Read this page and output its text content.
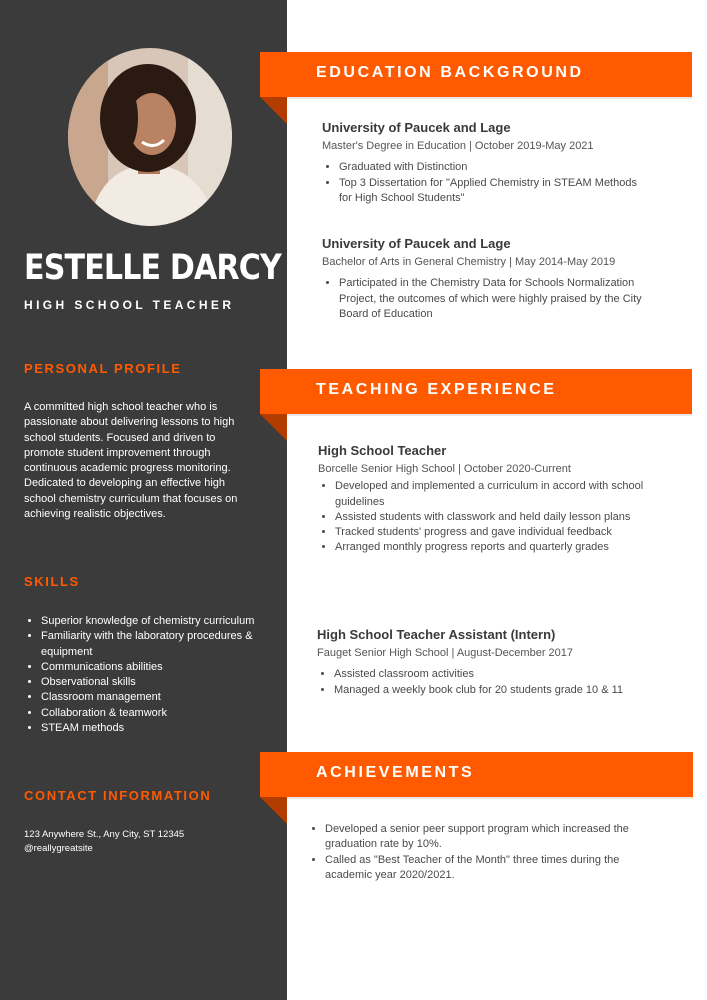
ESTELLE DARCY
HIGH SCHOOL TEACHER
PERSONAL PROFILE
A committed high school teacher who is passionate about delivering lessons to high school students. Focused and driven to promote student improvement through continuous academic progress monitoring. Dedicated to developing an effective high school chemistry curriculum that focuses on achieving realistic objectives.
SKILLS
• Superior knowledge of chemistry curriculum
• Familiarity with the laboratory procedures & equipment
• Communications abilities
• Observational skills
• Classroom management
• Collaboration & teamwork
• STEAM methods
CONTACT INFORMATION
123 Anywhere St., Any City, ST 12345
@reallygreatsite
EDUCATION BACKGROUND
University of Paucek and Lage
Master's Degree in Education | October 2019-May 2021
• Graduated with Distinction
• Top 3 Dissertation for "Applied Chemistry in STEAM Methods for High School Students"
University of Paucek and Lage
Bachelor of Arts in General Chemistry | May 2014-May 2019
• Participated in the Chemistry Data for Schools Normalization Project, the outcomes of which were highly praised by the City Board of Education
TEACHING EXPERIENCE
High School Teacher
Borcelle Senior High School | October 2020-Current
• Developed and implemented a curriculum in accord with school guidelines
• Assisted students with classwork and held daily lesson plans
• Tracked students' progress and gave individual feedback
• Arranged monthly progress reports and quarterly grades
High School Teacher Assistant (Intern)
Fauget Senior High School | August-December 2017
• Assisted classroom activities
• Managed a weekly book club for 20 students grade 10 & 11
ACHIEVEMENTS
• Developed a senior peer support program which increased the graduation rate by 10%.
• Called as "Best Teacher of the Month" three times during the academic year 2020/2021.
